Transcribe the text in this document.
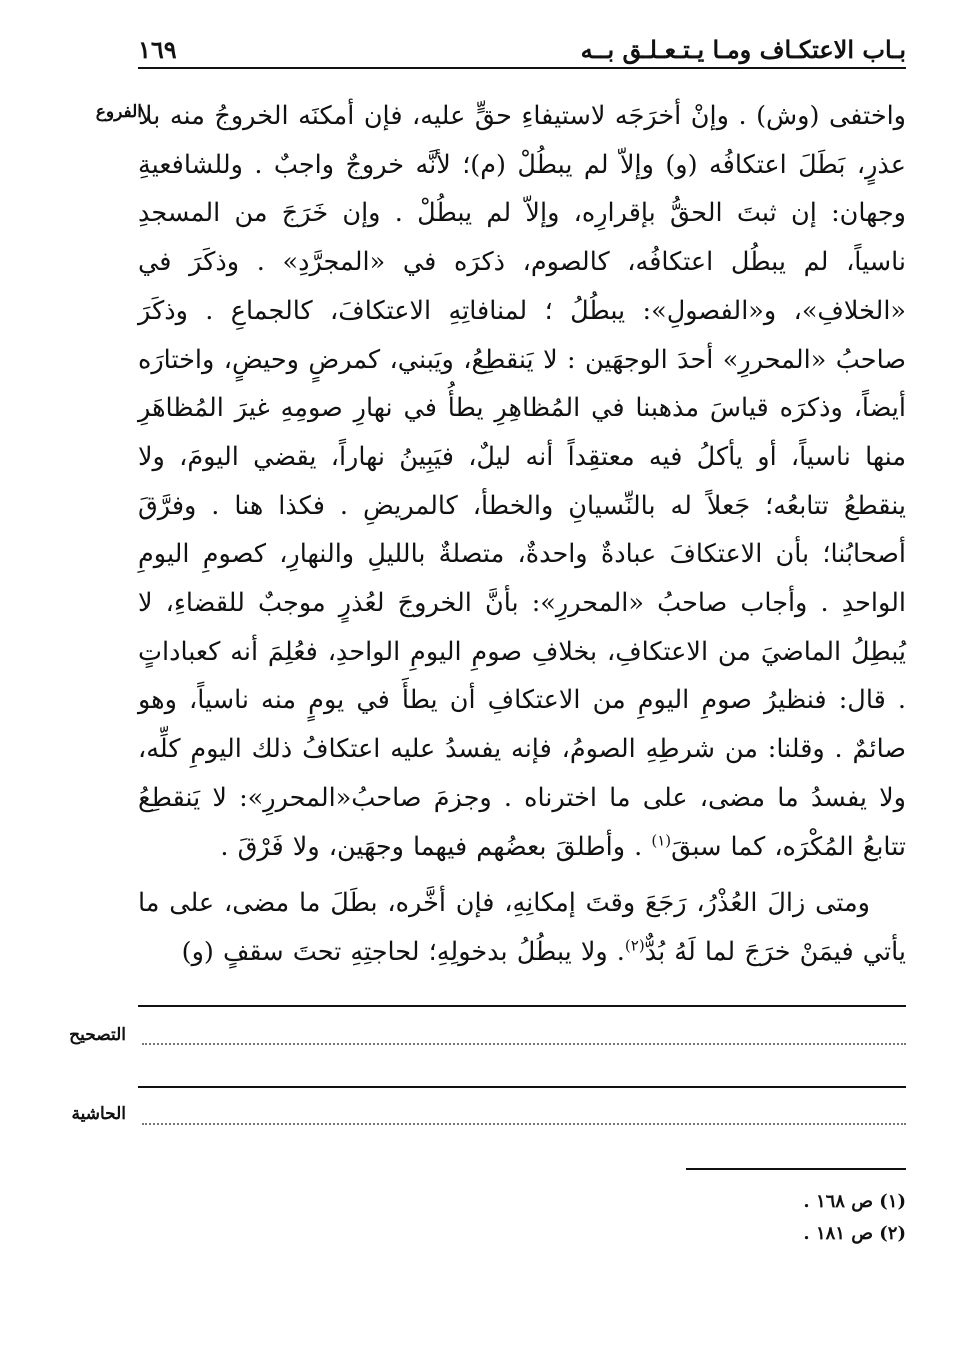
بـاب الاعتكـاف ومـا يـتـعـلـق بــه
١٦٩
الفروع

واختفى (وش) . وإنْ أخرَجَه لاستيفاءِ حقٍّ عليه، فإن أمكنَه الخروجُ منه بلا عذرٍ، بَطَلَ اعتكافُه (و) وإلاّ لم يبطُلْ (م)؛ لأنَّه خروجٌ واجبٌ . وللشافعيةِ وجهان: إن ثبتَ الحقُّ بإقرارِه، وإلاّ لم يبطُلْ . وإن خَرَجَ من المسجدِ ناسياً، لم يبطُل اعتكافُه، كالصوم، ذكرَه في «المجرَّدِ» . وذكَرَ في «الخلافِ»، و«الفصولِ»: يبطُلُ ؛ لمنافاتِهِ الاعتكافَ، كالجماعِ . وذكَرَ صاحبُ «المحررِ» أحدَ الوجهَين : لا يَنقطِعُ، ويَبني، كمرضٍ وحيضٍ، واختارَه أيضاً، وذكرَه قياسَ مذهبنا في المُظاهِرِ يطأُ في نهارِ صومِهِ غيرَ المُظاهَرِ منها ناسياً، أو يأكلُ فيه معتقِداً أنه ليلٌ، فيَبِينُ نهاراً، يقضي اليومَ، ولا ينقطعُ تتابعُه؛ جَعلاً له بالنِّسيانِ والخطأ، كالمريضِ . فكذا هنا . وفرَّقَ أصحابُنا؛ بأن الاعتكافَ عبادةٌ واحدةٌ، متصلةٌ بالليلِ والنهارِ، كصومِ اليومِ الواحدِ . وأجاب صاحبُ «المحررِ»: بأنَّ الخروجَ لعُذرٍ موجبٌ للقضاءِ، لا يُبطِلُ الماضيَ من الاعتكافِ، بخلافِ صومِ اليومِ الواحدِ، فعُلِمَ أنه كعباداتٍ . قال: فنظيرُ صومِ اليومِ من الاعتكافِ أن يطأَ في يومٍ منه ناسياً، وهو صائمٌ . وقلنا: من شرطِهِ الصومُ، فإنه يفسدُ عليه اعتكافُ ذلك اليومِ كلِّه، ولا يفسدُ ما مضى، على ما اخترناه . وجزمَ صاحبُ«المحررِ»: لا يَنقطِعُ تتابعُ المُكْرَه، كما سبقَ$^{(١)}$ . وأطلقَ بعضُهم فيهما وجهَين، ولا فَرْقَ .

ومتى زالَ العُذْرُ، رَجَعَ وقتَ إمكانِهِ، فإن أخَّره، بطَلَ ما مضى، على ما يأتي فيمَنْ خرَجَ لما لَهُ بُدٌّ$^{(٢)}$. ولا يبطُلُ بدخولِهِ؛ لحاجتِهِ تحتَ سقفٍ (و)

التصحيح
الحاشية
(١) ص ١٦٨ .
(٢) ص ١٨١ .
